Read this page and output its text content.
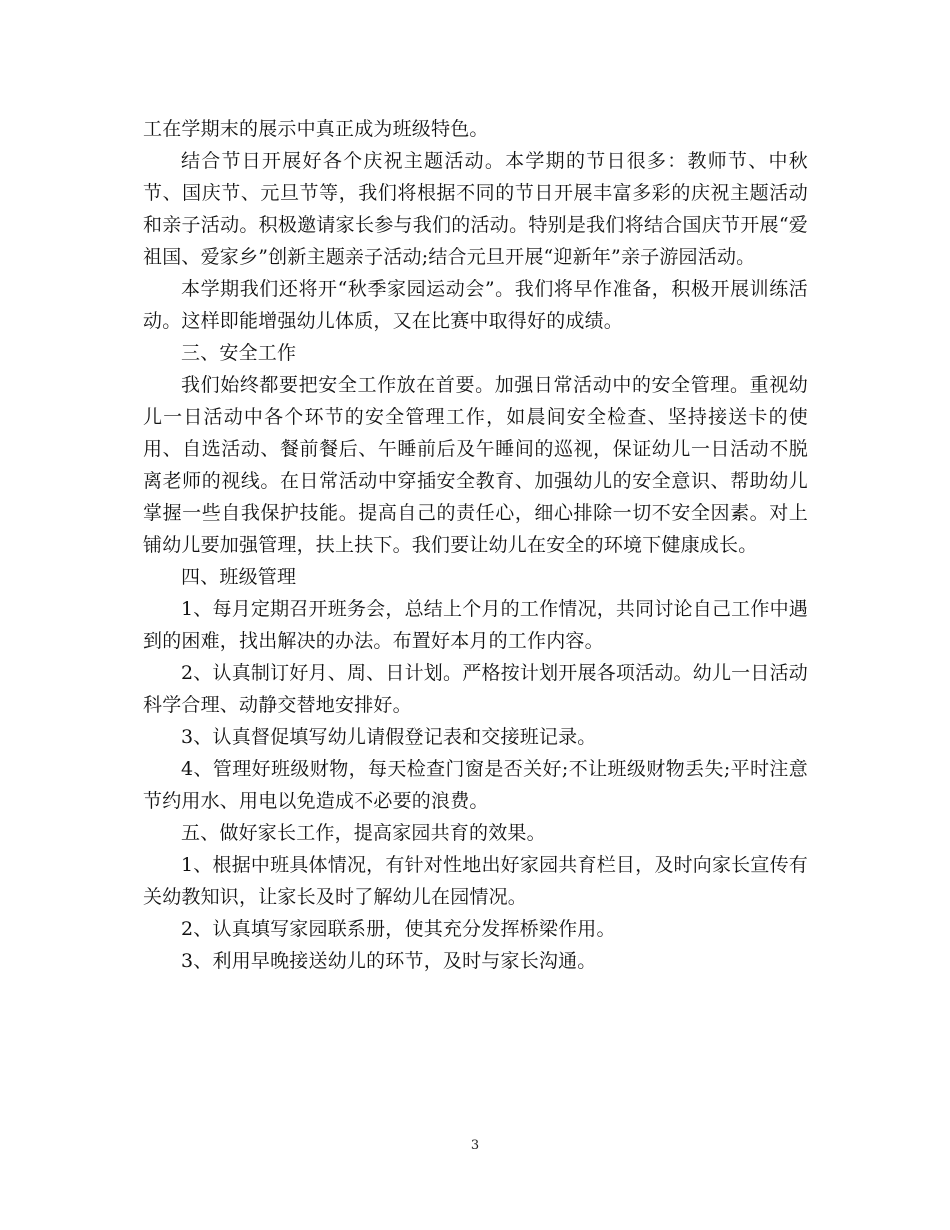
工在学期末的展示中真正成为班级特色。

结合节日开展好各个庆祝主题活动。本学期的节日很多：教师节、中秋节、国庆节、元旦节等，我们将根据不同的节日开展丰富多彩的庆祝主题活动和亲子活动。积极邀请家长参与我们的活动。特别是我们将结合国庆节开展“爱祖国、爱家乡”创新主题亲子活动;结合元旦开展“迎新年”亲子游园活动。

本学期我们还将开“秋季家园运动会”。我们将早作准备，积极开展训练活动。这样即能增强幼儿体质，又在比赛中取得好的成绩。

三、安全工作

我们始终都要把安全工作放在首要。加强日常活动中的安全管理。重视幼儿一日活动中各个环节的安全管理工作，如晨间安全检查、坚持接送卡的使用、自选活动、餐前餐后、午睡前后及午睡间的巡视，保证幼儿一日活动不脱离老师的视线。在日常活动中穿插安全教育、加强幼儿的安全意识、帮助幼儿掌握一些自我保护技能。提高自己的责任心，细心排除一切不安全因素。对上铺幼儿要加强管理，扶上扶下。我们要让幼儿在安全的环境下健康成长。

四、班级管理

1、每月定期召开班务会，总结上个月的工作情况，共同讨论自己工作中遇到的困难，找出解决的办法。布置好本月的工作内容。

2、认真制订好月、周、日计划。严格按计划开展各项活动。幼儿一日活动科学合理、动静交替地安排好。

3、认真督促填写幼儿请假登记表和交接班记录。

4、管理好班级财物，每天检查门窗是否关好;不让班级财物丢失;平时注意节约用水、用电以免造成不必要的浪费。

五、做好家长工作，提高家园共育的效果。

1、根据中班具体情况，有针对性地出好家园共育栏目，及时向家长宣传有关幼教知识，让家长及时了解幼儿在园情况。

2、认真填写家园联系册，使其充分发挥桥梁作用。

3、利用早晚接送幼儿的环节，及时与家长沟通。

3
